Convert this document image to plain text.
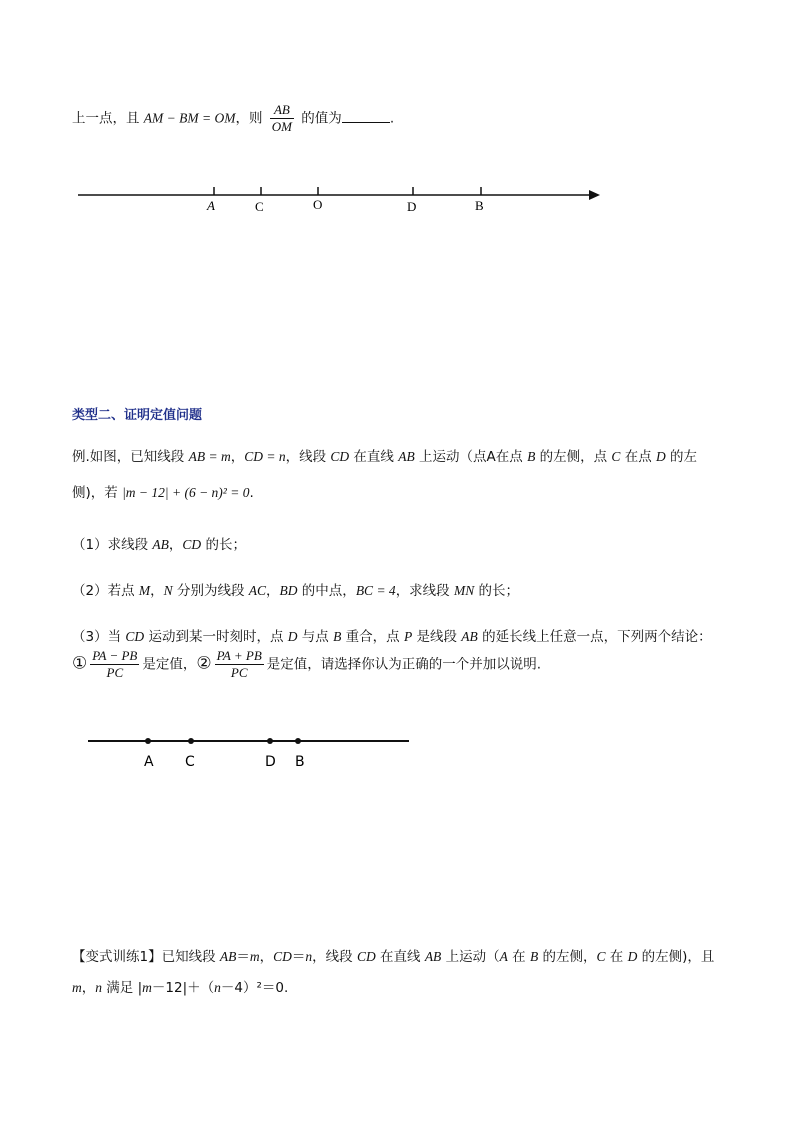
上一点，且 AM − BM = OM，则 $\frac{AB}{OM}$ 的值为	.
A	C	O	D	B
类型二、证明定值问题
例.如图，已知线段 AB = m，CD = n，线段 CD 在直线 AB 上运动（点A在点 B 的左侧，点 C 在点 D 的左
侧)，若 |m − 12| + (6 − n)² = 0.
（1）求线段 AB，CD 的长；
（2）若点 M，N 分别为线段 AC，BD 的中点，BC = 4，求线段 MN 的长；
（3）当 CD 运动到某一时刻时，点 D 与点 B 重合，点 P 是线段 AB 的延长线上任意一点，下列两个结论：
① $\frac{PA - PB}{PC}$ 是定值，② $\frac{PA + PB}{PC}$ 是定值，请选择你认为正确的一个并加以说明.
A C	D B
【变式训练1】已知线段 AB＝m，CD＝n，线段 CD 在直线 AB 上运动（A 在 B 的左侧，C 在 D 的左侧)，且
m，n 满足 |m－12|＋（n－4）²＝0.
